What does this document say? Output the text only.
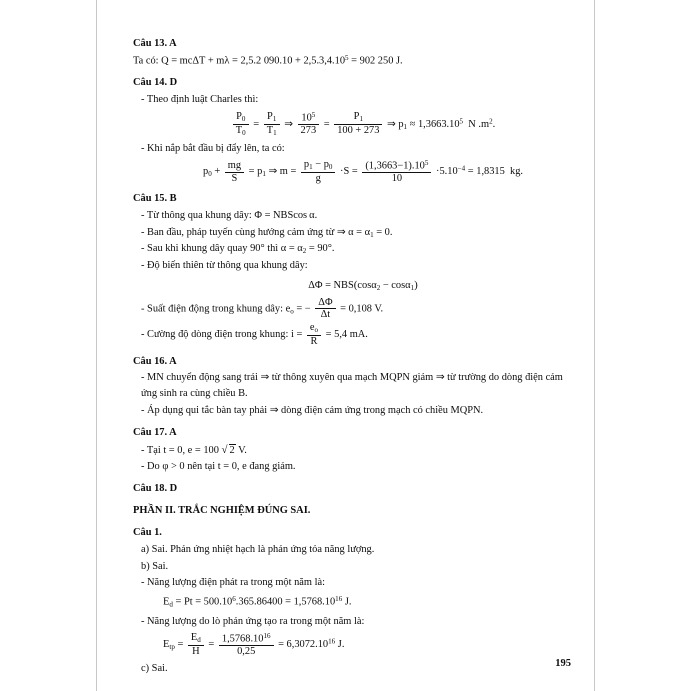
Câu 13. A
Ta có: Q = mcΔT + mλ = 2,5.2 $090.10 + 2,5.3,4.10^5 = 902$ 250 J.
Câu 14. D
- Theo định luật Charles thì:
$\frac{P_0}{T_0} = \frac{P_1}{T_1}$ ⇒ $\frac{10^5}{273} = \frac{P_1}{100 + 273}$ ⇒ $p_1 \approx 1,3663.10^5$  N $.m^2$.
- Khi nắp bắt đầu bị đẩy lên, ta có:
$p_0 + \frac{mg}{S} = p_1$ ⇒ $m = \frac{p_1 - p_0}{g} \cdot S = \frac{(1,3663-1).10^5}{10} \cdot 5.10^{-4} = 1,8315$  kg.
Câu 15. B
- Từ thông qua khung dây: Φ = NBScos α.
- Ban đầu, pháp tuyến cùng hướng cảm ứng từ ⇒ $\alpha = \alpha_1 = 0$.
- Sau khi khung dây quay 90° thì $\alpha = \alpha_2 = 90^\circ$.
- Độ biến thiên từ thông qua khung dây:
ΔΦ = NBS(cosα$_2$ − cosα$_1$)
- Suất điện động trong khung dây: $e_o$ = − $\frac{\Delta\Phi}{\Delta t} = 0,108$ V.
- Cường độ dòng điện trong khung: $i = \frac{e_o}{R} = 5,4$ mA.
Câu 16. A
- MN chuyển động sang trái ⇒ từ thông xuyên qua mạch MQPN giảm ⇒ từ trường do dòng điện cảm ứng sinh ra cùng chiều B.
- Áp dụng qui tắc bàn tay phải ⇒ dòng điện cảm ứng trong mạch có chiều MQPN.
Câu 17. A
- Tại t = 0, e = 100 √ 2 V.
- Do φ > 0 nên tại t = 0, e đang giảm.
Câu 18. D
PHẦN II. TRẮC NGHIỆM ĐÚNG SAI.
Câu 1.
a) Sai. Phản ứng nhiệt hạch là phản ứng tỏa năng lượng.
b) Sai.
- Năng lượng điện phát ra trong một năm là:
$E_d = Pt = 500.10^6.365.86400 = 1,5768.10^{16}$ J.
- Năng lượng do lò phản ứng tạo ra trong một năm là:
$E_{tp} = \frac{E_d}{H} = \frac{1,5768.10^{16}}{0,25} = 6,3072.10^{16}$ J.
c) Sai.	195
